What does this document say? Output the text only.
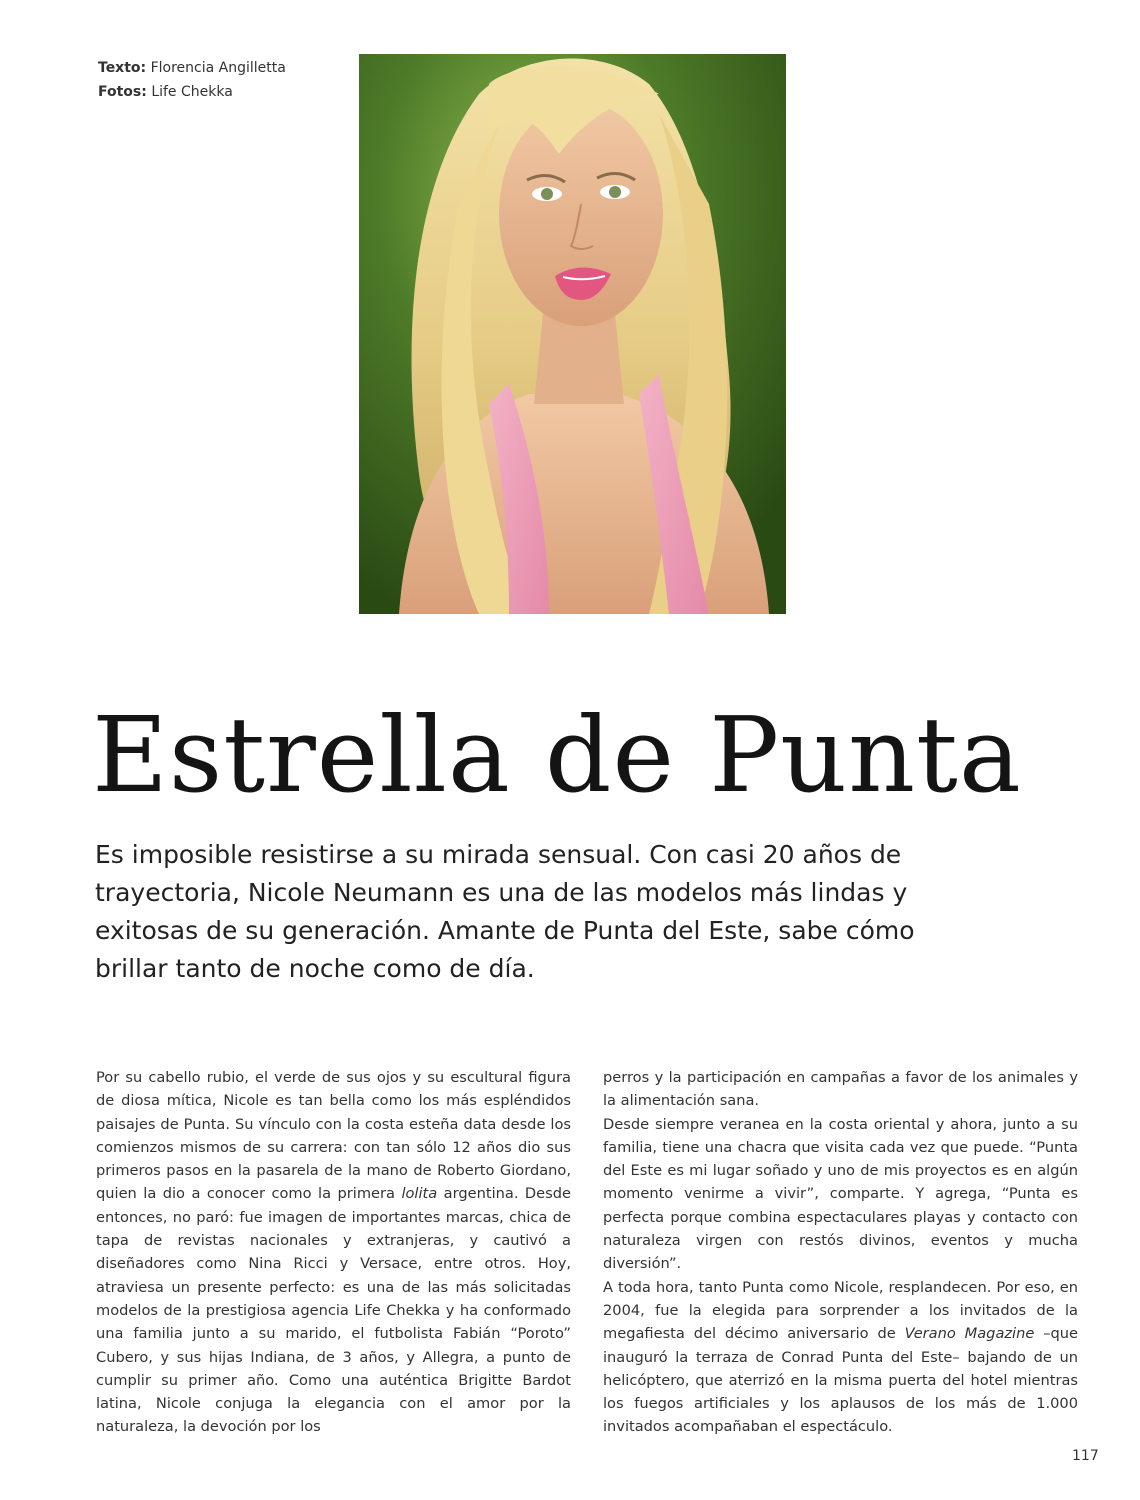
Texto: Florencia Angilletta
Fotos: Life Chekka
Estrella de Punta

Es imposible resistirse a su mirada sensual. Con casi 20 años de trayectoria, Nicole Neumann es una de las modelos más lindas y exitosas de su generación. Amante de Punta del Este, sabe cómo brillar tanto de noche como de día.

Por su cabello rubio, el verde de sus ojos y su escultural figura de diosa mítica, Nicole es tan bella como los más espléndidos paisajes de Punta. Su vínculo con la costa esteña data desde los comienzos mismos de su carrera: con tan sólo 12 años dio sus primeros pasos en la pasarela de la mano de Roberto Giordano, quien la dio a conocer como la primera lolita argentina. Desde entonces, no paró: fue imagen de importantes marcas, chica de tapa de revistas nacionales y extranjeras, y cautivó a diseñadores como Nina Ricci y Versace, entre otros. Hoy, atraviesa un presente perfecto: es una de las más solicitadas modelos de la prestigiosa agencia Life Chekka y ha conformado una familia junto a su marido, el futbolista Fabián “Poroto” Cubero, y sus hijas Indiana, de 3 años, y Allegra, a punto de cumplir su primer año. Como una auténtica Brigitte Bardot latina, Nicole conjuga la elegancia con el amor por la naturaleza, la devoción por los

perros y la participación en campañas a favor de los animales y la alimentación sana.

Desde siempre veranea en la costa oriental y ahora, junto a su familia, tiene una chacra que visita cada vez que puede. “Punta del Este es mi lugar soñado y uno de mis proyectos es en algún momento venirme a vivir”, comparte. Y agrega, “Punta es perfecta porque combina espectaculares playas y contacto con naturaleza virgen con restós divinos, eventos y mucha diversión”.

A toda hora, tanto Punta como Nicole, resplandecen. Por eso, en 2004, fue la elegida para sorprender a los invitados de la megafiesta del décimo aniversario de Verano Magazine –que inauguró la terraza de Conrad Punta del Este– bajando de un helicóptero, que aterrizó en la misma puerta del hotel mientras los fuegos artificiales y los aplausos de los más de 1.000 invitados acompañaban el espectáculo.

117
